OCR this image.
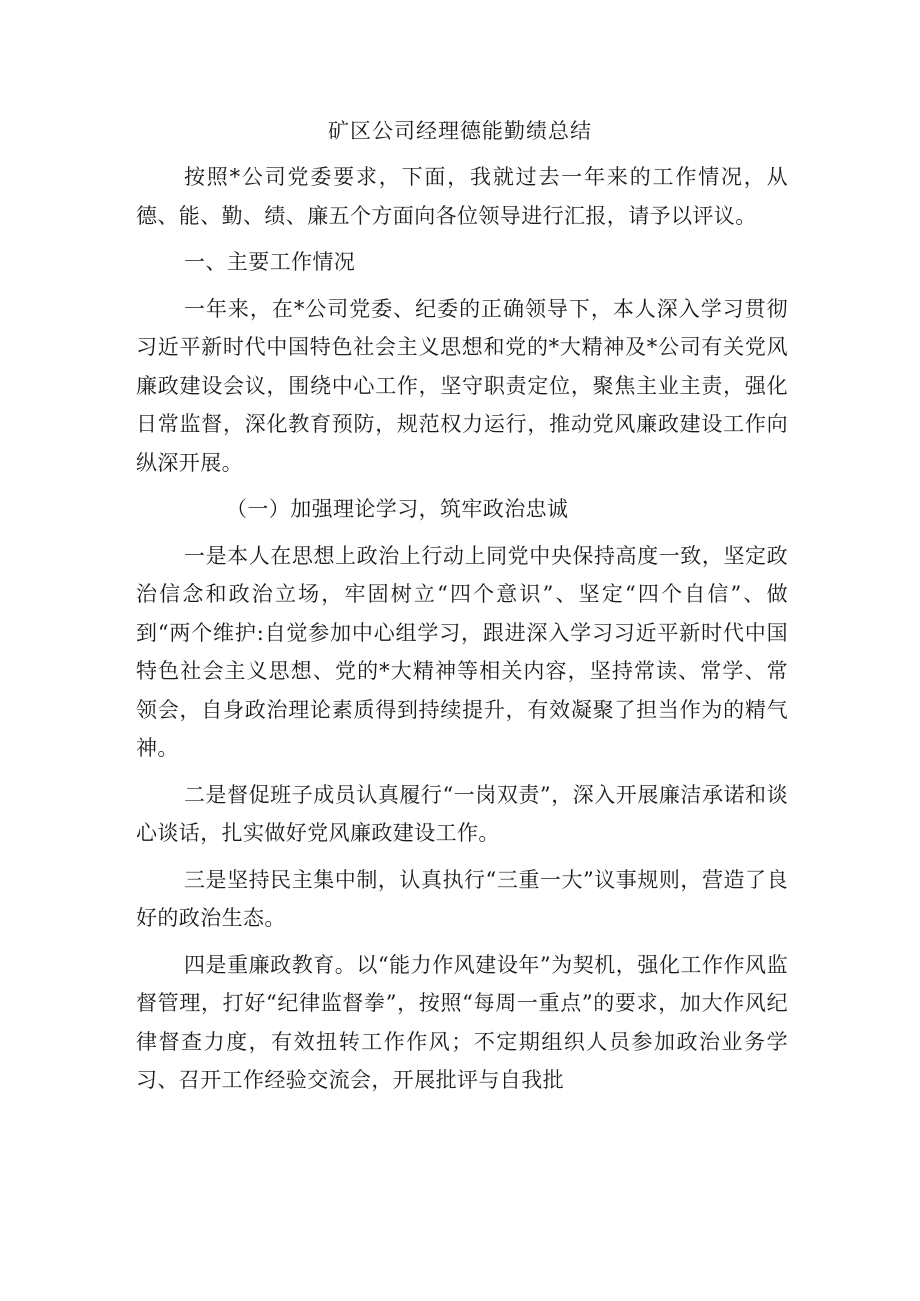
矿区公司经理德能勤绩总结

按照*公司党委要求，下面，我就过去一年来的工作情况，从德、能、勤、绩、廉五个方面向各位领导进行汇报，请予以评议。

一、主要工作情况

一年来，在*公司党委、纪委的正确领导下，本人深入学习贯彻习近平新时代中国特色社会主义思想和党的*大精神及*公司有关党风廉政建设会议，围绕中心工作，坚守职责定位，聚焦主业主责，强化日常监督，深化教育预防，规范权力运行，推动党风廉政建设工作向纵深开展。

（一）加强理论学习，筑牢政治忠诚

一是本人在思想上政治上行动上同党中央保持高度一致，坚定政治信念和政治立场，牢固树立“四个意识”、坚定“四个自信”、做到“两个维护:自觉参加中心组学习，跟进深入学习习近平新时代中国特色社会主义思想、党的*大精神等相关内容，坚持常读、常学、常领会，自身政治理论素质得到持续提升，有效凝聚了担当作为的精气神。

二是督促班子成员认真履行“一岗双责”，深入开展廉洁承诺和谈心谈话，扎实做好党风廉政建设工作。

三是坚持民主集中制，认真执行“三重一大”议事规则，营造了良好的政治生态。

四是重廉政教育。以“能力作风建设年”为契机，强化工作作风监督管理，打好“纪律监督拳”，按照“每周一重点”的要求，加大作风纪律督查力度，有效扭转工作作风；不定期组织人员参加政治业务学习、召开工作经验交流会，开展批评与自我批
